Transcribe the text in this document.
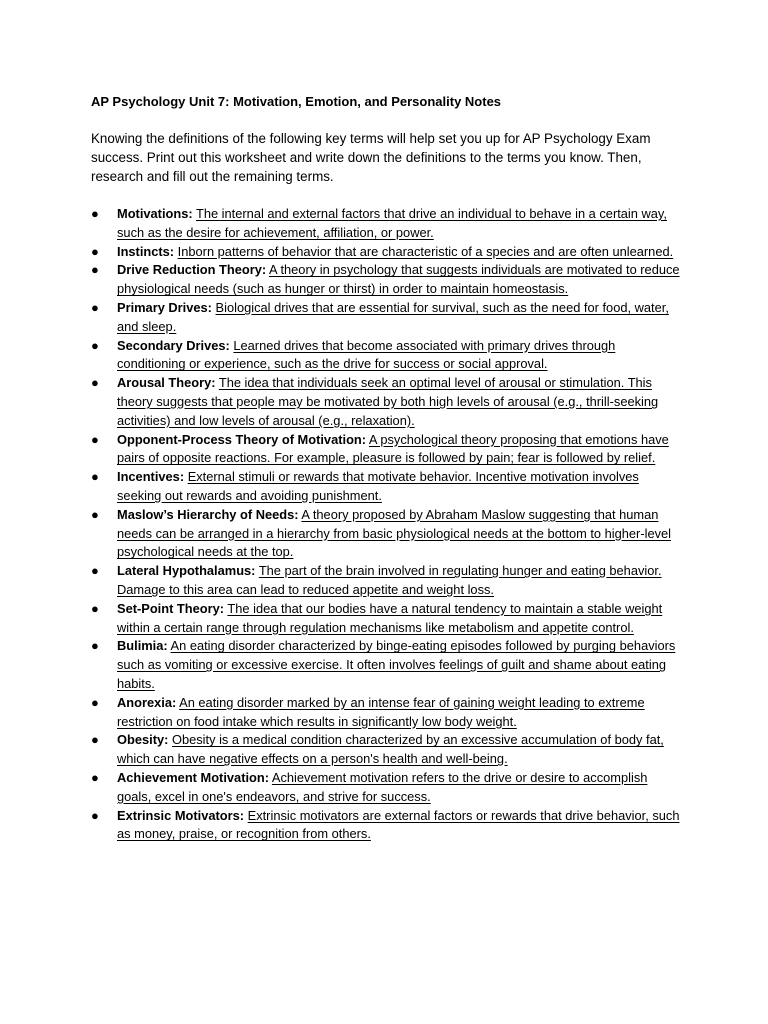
AP Psychology Unit 7: Motivation, Emotion, and Personality Notes

Knowing the definitions of the following key terms will help set you up for AP Psychology Exam success. Print out this worksheet and write down the definitions to the terms you know. Then, research and fill out the remaining terms.

● Motivations: The internal and external factors that drive an individual to behave in a certain way, such as the desire for achievement, affiliation, or power.
● Instincts: Inborn patterns of behavior that are characteristic of a species and are often unlearned.
● Drive Reduction Theory: A theory in psychology that suggests individuals are motivated to reduce physiological needs (such as hunger or thirst) in order to maintain homeostasis.
● Primary Drives: Biological drives that are essential for survival, such as the need for food, water, and sleep.
● Secondary Drives: Learned drives that become associated with primary drives through conditioning or experience, such as the drive for success or social approval.
● Arousal Theory: The idea that individuals seek an optimal level of arousal or stimulation. This theory suggests that people may be motivated by both high levels of arousal (e.g., thrill-seeking activities) and low levels of arousal (e.g., relaxation).
● Opponent-Process Theory of Motivation: A psychological theory proposing that emotions have pairs of opposite reactions. For example, pleasure is followed by pain; fear is followed by relief.
● Incentives: External stimuli or rewards that motivate behavior. Incentive motivation involves seeking out rewards and avoiding punishment.
● Maslow’s Hierarchy of Needs: A theory proposed by Abraham Maslow suggesting that human needs can be arranged in a hierarchy from basic physiological needs at the bottom to higher-level psychological needs at the top.
● Lateral Hypothalamus: The part of the brain involved in regulating hunger and eating behavior. Damage to this area can lead to reduced appetite and weight loss.
● Set-Point Theory: The idea that our bodies have a natural tendency to maintain a stable weight within a certain range through regulation mechanisms like metabolism and appetite control.
● Bulimia: An eating disorder characterized by binge-eating episodes followed by purging behaviors such as vomiting or excessive exercise. It often involves feelings of guilt and shame about eating habits.
● Anorexia: An eating disorder marked by an intense fear of gaining weight leading to extreme restriction on food intake which results in significantly low body weight.
● Obesity: Obesity is a medical condition characterized by an excessive accumulation of body fat, which can have negative effects on a person's health and well-being.
● Achievement Motivation: Achievement motivation refers to the drive or desire to accomplish goals, excel in one's endeavors, and strive for success.
● Extrinsic Motivators: Extrinsic motivators are external factors or rewards that drive behavior, such as money, praise, or recognition from others.
